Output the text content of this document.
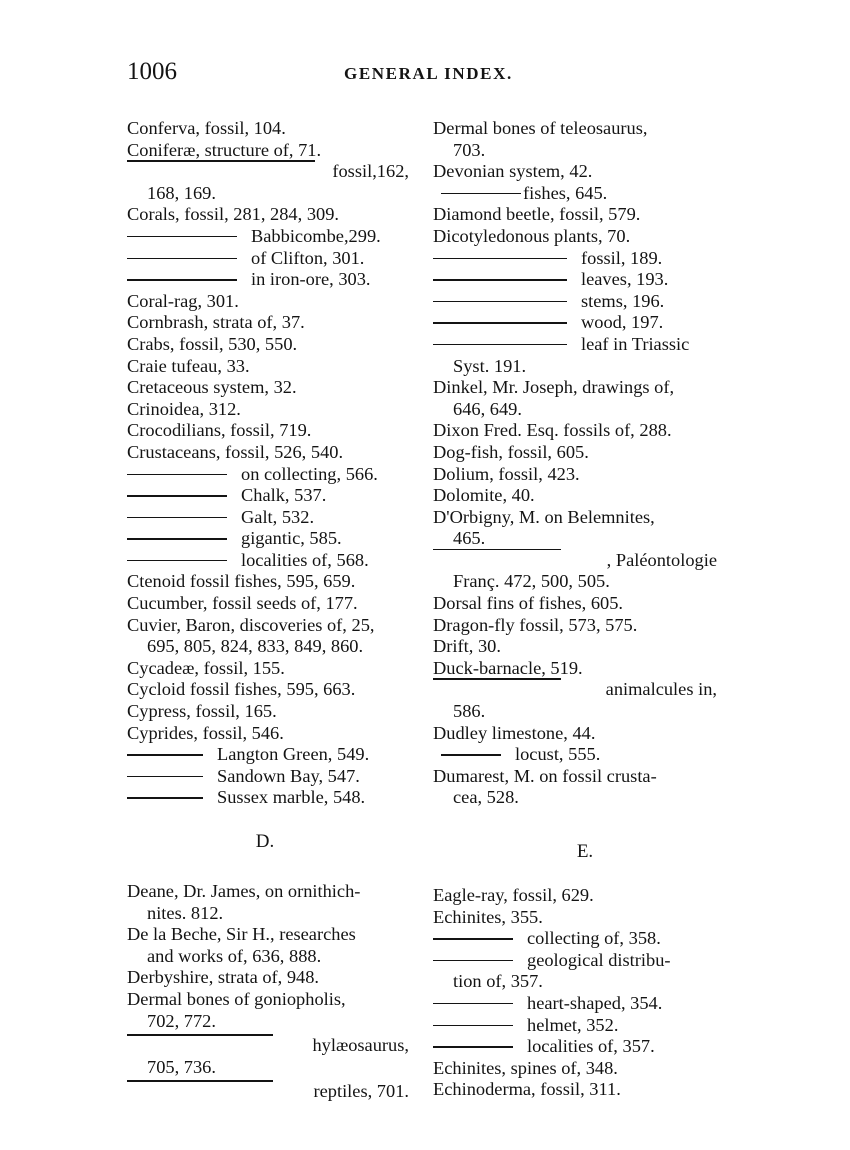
1006	GENERAL INDEX.
Conferva, fossil, 104.
Coniferæ, structure of, 71.
fossil,162,
168, 169.
Corals, fossil, 281, 284, 309.
Babbicombe,299.
of Clifton, 301.
in iron-ore, 303.
Coral-rag, 301.
Cornbrash, strata of, 37.
Crabs, fossil, 530, 550.
Craie tufeau, 33.
Cretaceous system, 32.
Crinoidea, 312.
Crocodilians, fossil, 719.
Crustaceans, fossil, 526, 540.
on collecting, 566.
Chalk, 537.
Galt, 532.
gigantic, 585.
localities of, 568.
Ctenoid fossil fishes, 595, 659.
Cucumber, fossil seeds of, 177.
Cuvier, Baron, discoveries of, 25,
695, 805, 824, 833, 849, 860.
Cycadeæ, fossil, 155.
Cycloid fossil fishes, 595, 663.
Cypress, fossil, 165.
Cyprides, fossil, 546.
Langton Green, 549.
Sandown Bay, 547.
Sussex marble, 548.
D.
Deane, Dr. James, on ornithich-
nites. 812.
De la Beche, Sir H., researches
and works of, 636, 888.
Derbyshire, strata of, 948.
Dermal bones of goniopholis,
702, 772.
hylæosaurus,
705, 736.
reptiles, 701.
Dermal bones of teleosaurus,
703.
Devonian system, 42.
fishes, 645.
Diamond beetle, fossil, 579.
Dicotyledonous plants, 70.
fossil, 189.
leaves, 193.
stems, 196.
wood, 197.
leaf in Triassic
Syst. 191.
Dinkel, Mr. Joseph, drawings of,
646, 649.
Dixon Fred. Esq. fossils of, 288.
Dog-fish, fossil, 605.
Dolium, fossil, 423.
Dolomite, 40.
D'Orbigny, M. on Belemnites,
465.
, Paléontologie
Franç. 472, 500, 505.
Dorsal fins of fishes, 605.
Dragon-fly fossil, 573, 575.
Drift, 30.
Duck-barnacle, 519.
animalcules in,
586.
Dudley limestone, 44.
locust, 555.
Dumarest, M. on fossil crusta-
cea, 528.
E.
Eagle-ray, fossil, 629.
Echinites, 355.
collecting of, 358.
geological distribu-
tion of, 357.
heart-shaped, 354.
helmet, 352.
localities of, 357.
Echinites, spines of, 348.
Echinoderma, fossil, 311.
